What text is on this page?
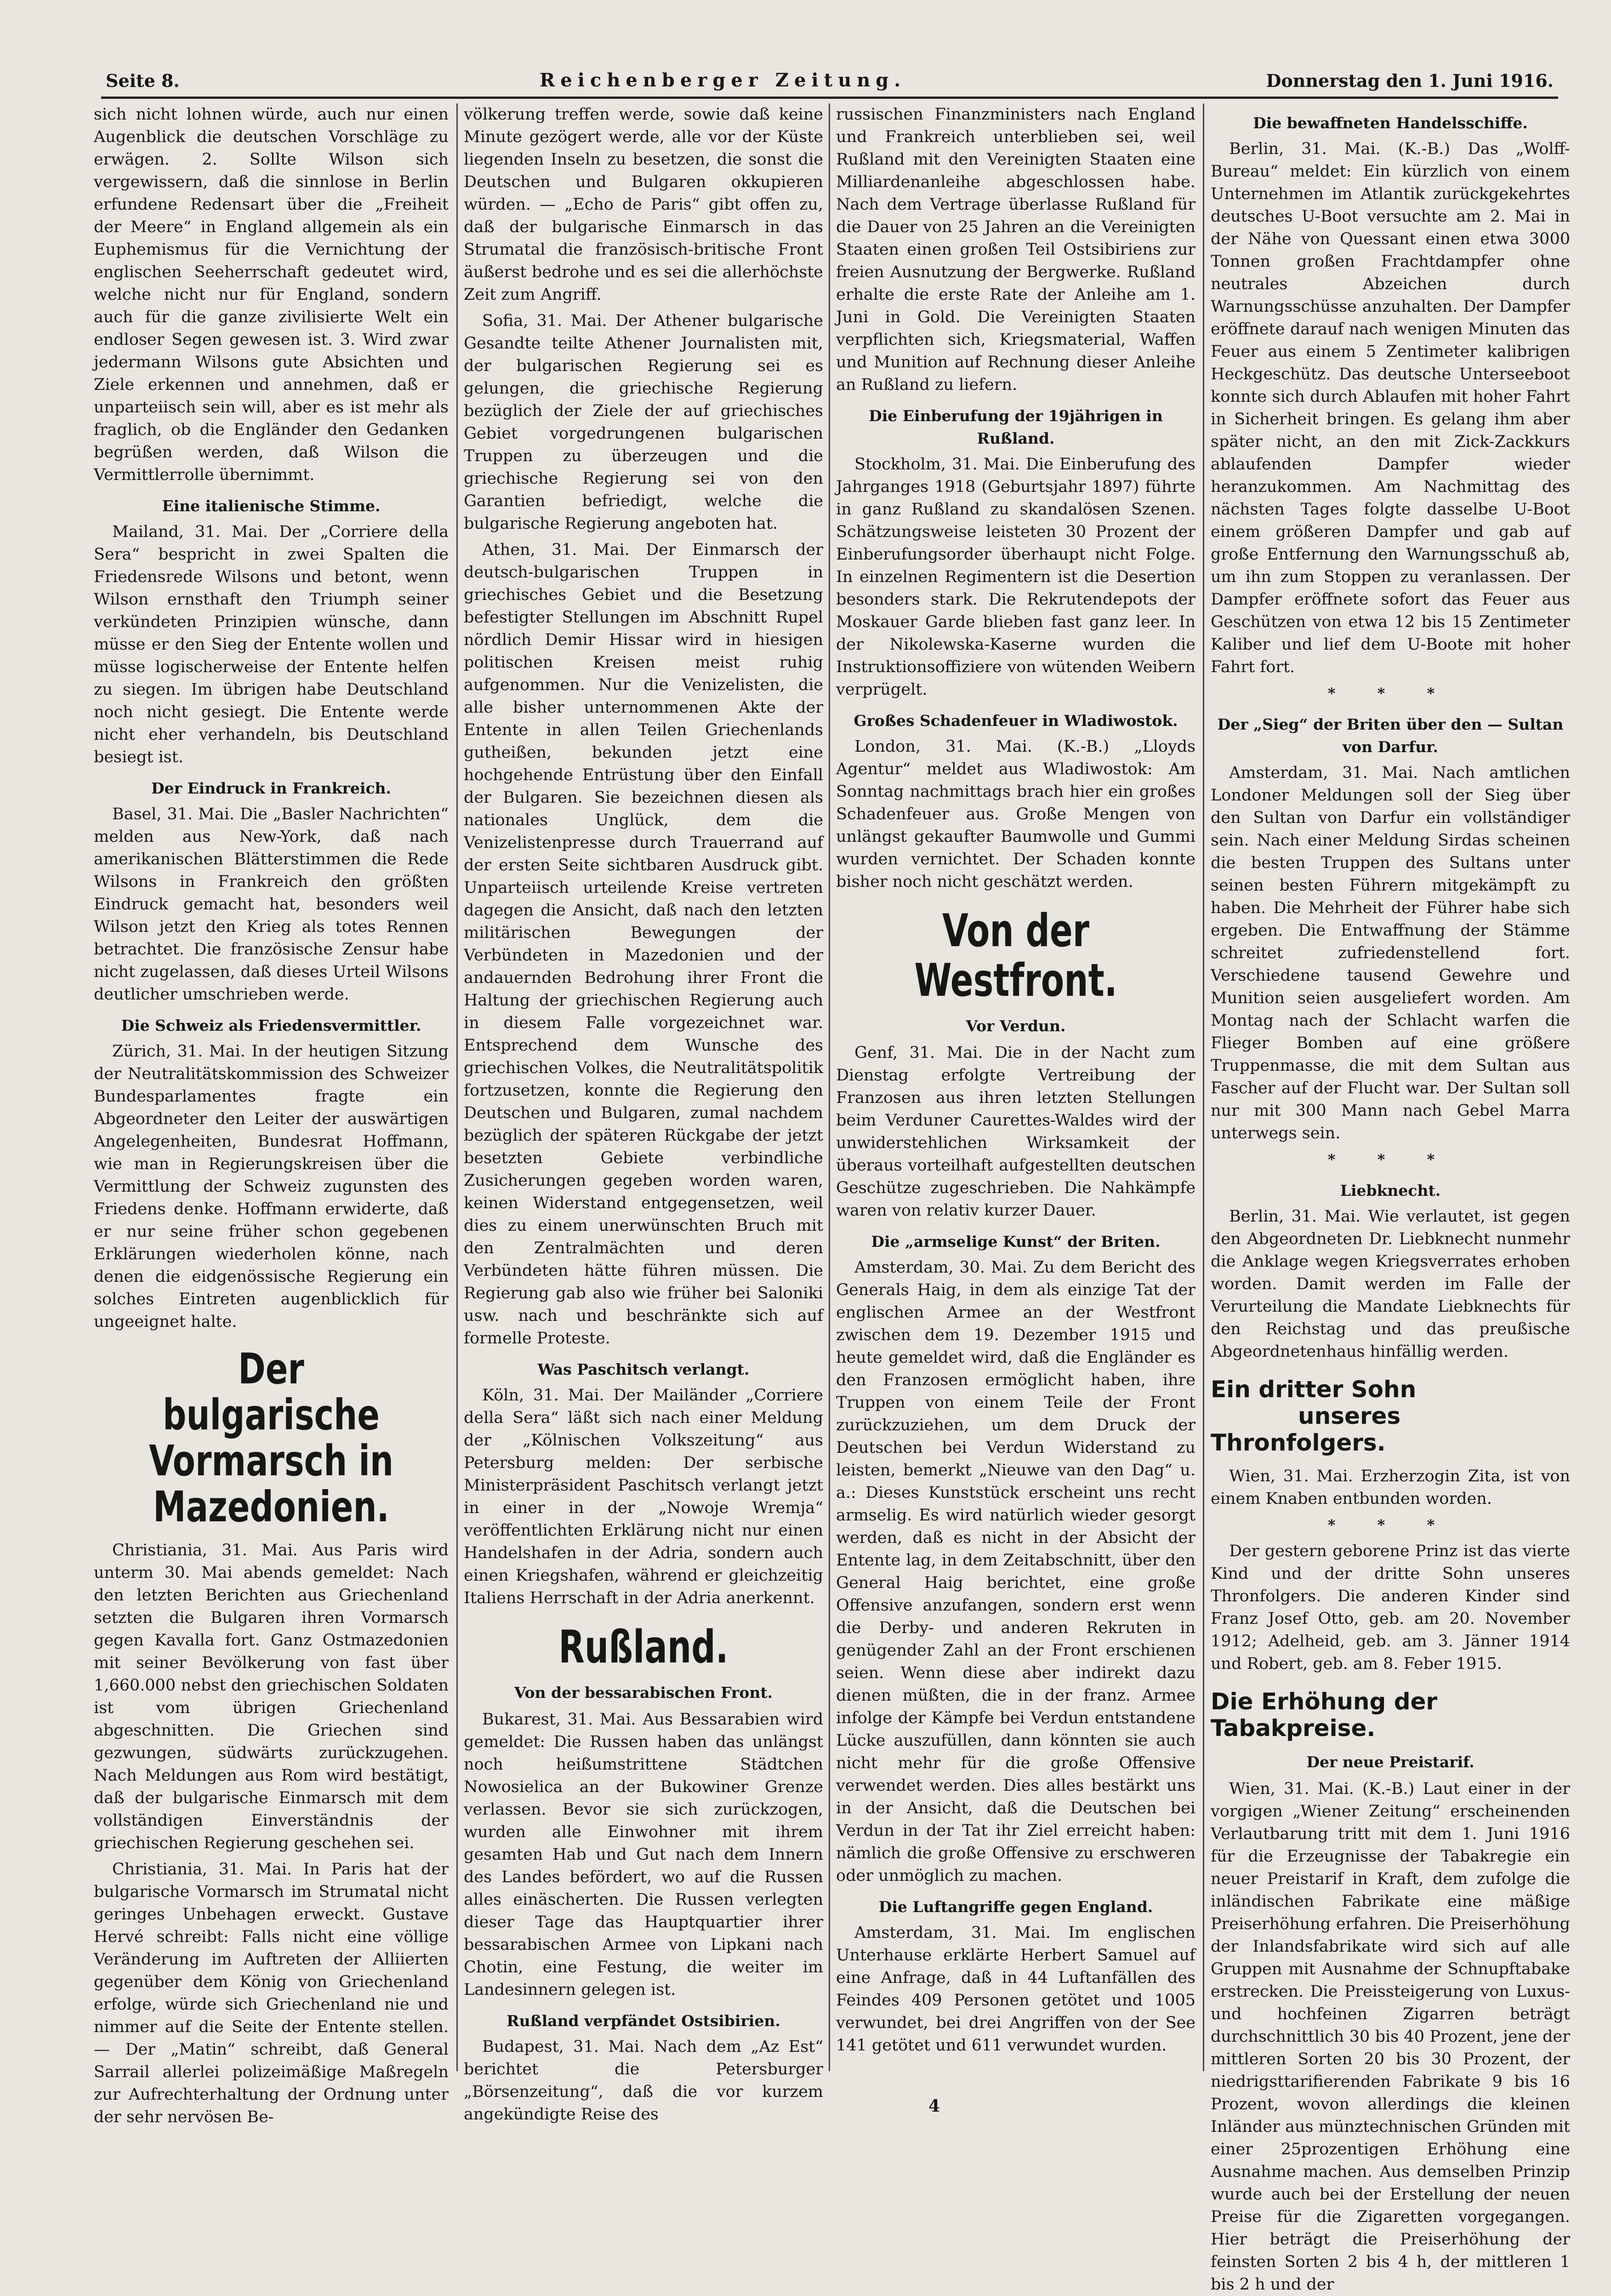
Seite 8.	Reichenberger Zeitung.	Donnerstag den 1. Juni 1916.

sich nicht lohnen würde, auch nur einen Augenblick die deutschen Vorschläge zu erwägen. 2. Sollte Wilson sich vergewissern, daß die sinnlose in Berlin erfundene Redensart über die „Freiheit der Meere“ in England allgemein als ein Euphemismus für die Vernichtung der englischen Seeherrschaft gedeutet wird, welche nicht nur für England, sondern auch für die ganze zivilisierte Welt ein endloser Segen gewesen ist. 3. Wird zwar jedermann Wilsons gute Absichten und Ziele erkennen und annehmen, daß er unparteiisch sein will, aber es ist mehr als fraglich, ob die Engländer den Gedanken begrüßen werden, daß Wilson die Vermittlerrolle übernimmt.

Eine italienische Stimme.

Mailand, 31. Mai. Der „Corriere della Sera“ bespricht in zwei Spalten die Friedensrede Wilsons und betont, wenn Wilson ernsthaft den Triumph seiner verkündeten Prinzipien wünsche, dann müsse er den Sieg der Entente wollen und müsse logischerweise der Entente helfen zu siegen. Im übrigen habe Deutschland noch nicht gesiegt. Die Entente werde nicht eher verhandeln, bis Deutschland besiegt ist.

Der Eindruck in Frankreich.

Basel, 31. Mai. Die „Basler Nachrichten“ melden aus New-York, daß nach amerikanischen Blätterstimmen die Rede Wilsons in Frankreich den größten Eindruck gemacht hat, besonders weil Wilson jetzt den Krieg als totes Rennen betrachtet. Die französische Zensur habe nicht zugelassen, daß dieses Urteil Wilsons deutlicher umschrieben werde.

Die Schweiz als Friedensvermittler.

Zürich, 31. Mai. In der heutigen Sitzung der Neutralitätskommission des Schweizer Bundesparlamentes fragte ein Abgeordneter den Leiter der auswärtigen Angelegenheiten, Bundesrat Hoffmann, wie man in Regierungskreisen über die Vermittlung der Schweiz zugunsten des Friedens denke. Hoffmann erwiderte, daß er nur seine früher schon gegebenen Erklärungen wiederholen könne, nach denen die eidgenössische Regierung ein solches Eintreten augenblicklich für ungeeignet halte.

Der bulgarische Vormarsch in Mazedonien.

Christiania, 31. Mai. Aus Paris wird unterm 30. Mai abends gemeldet: Nach den letzten Berichten aus Griechenland setzten die Bulgaren ihren Vormarsch gegen Kavalla fort. Ganz Ostmazedonien mit seiner Bevölkerung von fast über 1,660.000 nebst den griechischen Soldaten ist vom übrigen Griechenland abgeschnitten. Die Griechen sind gezwungen, südwärts zurückzugehen. Nach Meldungen aus Rom wird bestätigt, daß der bulgarische Einmarsch mit dem vollständigen Einverständnis der griechischen Regierung geschehen sei.

Christiania, 31. Mai. In Paris hat der bulgarische Vormarsch im Strumatal nicht geringes Unbehagen erweckt. Gustave Hervé schreibt: Falls nicht eine völlige Veränderung im Auftreten der Alliierten gegenüber dem König von Griechenland erfolge, würde sich Griechenland nie und nimmer auf die Seite der Entente stellen. — Der „Matin“ schreibt, daß General Sarrail allerlei polizeimäßige Maßregeln zur Aufrechterhaltung der Ordnung unter der sehr nervösen Be-

völkerung treffen werde, sowie daß keine Minute gezögert werde, alle vor der Küste liegenden Inseln zu besetzen, die sonst die Deutschen und Bulgaren okkupieren würden. — „Echo de Paris“ gibt offen zu, daß der bulgarische Einmarsch in das Strumatal die französisch-britische Front äußerst bedrohe und es sei die allerhöchste Zeit zum Angriff.

Sofia, 31. Mai. Der Athener bulgarische Gesandte teilte Athener Journalisten mit, der bulgarischen Regierung sei es gelungen, die griechische Regierung bezüglich der Ziele der auf griechisches Gebiet vorgedrungenen bulgarischen Truppen zu überzeugen und die griechische Regierung sei von den Garantien befriedigt, welche die bulgarische Regierung angeboten hat.

Athen, 31. Mai. Der Einmarsch der deutsch-bulgarischen Truppen in griechisches Gebiet und die Besetzung befestigter Stellungen im Abschnitt Rupel nördlich Demir Hissar wird in hiesigen politischen Kreisen meist ruhig aufgenommen. Nur die Venizelisten, die alle bisher unternommenen Akte der Entente in allen Teilen Griechenlands gutheißen, bekunden jetzt eine hochgehende Entrüstung über den Einfall der Bulgaren. Sie bezeichnen diesen als nationales Unglück, dem die Venizelistenpresse durch Trauerrand auf der ersten Seite sichtbaren Ausdruck gibt. Unparteiisch urteilende Kreise vertreten dagegen die Ansicht, daß nach den letzten militärischen Bewegungen der Verbündeten in Mazedonien und der andauernden Bedrohung ihrer Front die Haltung der griechischen Regierung auch in diesem Falle vorgezeichnet war. Entsprechend dem Wunsche des griechischen Volkes, die Neutralitätspolitik fortzusetzen, konnte die Regierung den Deutschen und Bulgaren, zumal nachdem bezüglich der späteren Rückgabe der jetzt besetzten Gebiete verbindliche Zusicherungen gegeben worden waren, keinen Widerstand entgegensetzen, weil dies zu einem unerwünschten Bruch mit den Zentralmächten und deren Verbündeten hätte führen müssen. Die Regierung gab also wie früher bei Saloniki usw. nach und beschränkte sich auf formelle Proteste.

Was Paschitsch verlangt.

Köln, 31. Mai. Der Mailänder „Corriere della Sera“ läßt sich nach einer Meldung der „Kölnischen Volkszeitung“ aus Petersburg melden: Der serbische Ministerpräsident Paschitsch verlangt jetzt in einer in der „Nowoje Wremja“ veröffentlichten Erklärung nicht nur einen Handelshafen in der Adria, sondern auch einen Kriegshafen, während er gleichzeitig Italiens Herrschaft in der Adria anerkennt.

Rußland.
Von der bessarabischen Front.

Bukarest, 31. Mai. Aus Bessarabien wird gemeldet: Die Russen haben das unlängst noch heißumstrittene Städtchen Nowosielica an der Bukowiner Grenze verlassen. Bevor sie sich zurückzogen, wurden alle Einwohner mit ihrem gesamten Hab und Gut nach dem Innern des Landes befördert, wo auf die Russen alles einäscherten. Die Russen verlegten dieser Tage das Hauptquartier ihrer bessarabischen Armee von Lipkani nach Chotin, eine Festung, die weiter im Landesinnern gelegen ist.

Rußland verpfändet Ostsibirien.

Budapest, 31. Mai. Nach dem „Az Est“ berichtet die Petersburger „Börsenzeitung“, daß die vor kurzem angekündigte Reise des

russischen Finanzministers nach England und Frankreich unterblieben sei, weil Rußland mit den Vereinigten Staaten eine Milliardenanleihe abgeschlossen habe. Nach dem Vertrage überlasse Rußland für die Dauer von 25 Jahren an die Vereinigten Staaten einen großen Teil Ostsibiriens zur freien Ausnutzung der Bergwerke. Rußland erhalte die erste Rate der Anleihe am 1. Juni in Gold. Die Vereinigten Staaten verpflichten sich, Kriegsmaterial, Waffen und Munition auf Rechnung dieser Anleihe an Rußland zu liefern.

Die Einberufung der 19jährigen in Rußland.

Stockholm, 31. Mai. Die Einberufung des Jahrganges 1918 (Geburtsjahr 1897) führte in ganz Rußland zu skandalösen Szenen. Schätzungsweise leisteten 30 Prozent der Einberufungsorder überhaupt nicht Folge. In einzelnen Regimentern ist die Desertion besonders stark. Die Rekrutendepots der Moskauer Garde blieben fast ganz leer. In der Nikolewska-Kaserne wurden die Instruktionsoffiziere von wütenden Weibern verprügelt.

Großes Schadenfeuer in Wladiwostok.

London, 31. Mai. (K.-B.) „Lloyds Agentur“ meldet aus Wladiwostok: Am Sonntag nachmittags brach hier ein großes Schadenfeuer aus. Große Mengen von unlängst gekaufter Baumwolle und Gummi wurden vernichtet. Der Schaden konnte bisher noch nicht geschätzt werden.

Von der Westfront.
Vor Verdun.

Genf, 31. Mai. Die in der Nacht zum Dienstag erfolgte Vertreibung der Franzosen aus ihren letzten Stellungen beim Verduner Caurettes-Waldes wird der unwiderstehlichen Wirksamkeit der überaus vorteilhaft aufgestellten deutschen Geschütze zugeschrieben. Die Nahkämpfe waren von relativ kurzer Dauer.

Die „armselige Kunst“ der Briten.

Amsterdam, 30. Mai. Zu dem Bericht des Generals Haig, in dem als einzige Tat der englischen Armee an der Westfront zwischen dem 19. Dezember 1915 und heute gemeldet wird, daß die Engländer es den Franzosen ermöglicht haben, ihre Truppen von einem Teile der Front zurückzuziehen, um dem Druck der Deutschen bei Verdun Widerstand zu leisten, bemerkt „Nieuwe van den Dag“ u. a.: Dieses Kunststück erscheint uns recht armselig. Es wird natürlich wieder gesorgt werden, daß es nicht in der Absicht der Entente lag, in dem Zeitabschnitt, über den General Haig berichtet, eine große Offensive anzufangen, sondern erst wenn die Derby- und anderen Rekruten in genügender Zahl an der Front erschienen seien. Wenn diese aber indirekt dazu dienen müßten, die in der franz. Armee infolge der Kämpfe bei Verdun entstandene Lücke auszufüllen, dann könnten sie auch nicht mehr für die große Offensive verwendet werden. Dies alles bestärkt uns in der Ansicht, daß die Deutschen bei Verdun in der Tat ihr Ziel erreicht haben: nämlich die große Offensive zu erschweren oder unmöglich zu machen.

Die Luftangriffe gegen England.

Amsterdam, 31. Mai. Im englischen Unterhause erklärte Herbert Samuel auf eine Anfrage, daß in 44 Luftanfällen des Feindes 409 Personen getötet und 1005 verwundet, bei drei Angriffen von der See 141 getötet und 611 verwundet wurden.

Die bewaffneten Handelsschiffe.

Berlin, 31. Mai. (K.-B.) Das „Wolff-Bureau“ meldet: Ein kürzlich von einem Unternehmen im Atlantik zurückgekehrtes deutsches U-Boot versuchte am 2. Mai in der Nähe von Quessant einen etwa 3000 Tonnen großen Frachtdampfer ohne neutrales Abzeichen durch Warnungsschüsse anzuhalten. Der Dampfer eröffnete darauf nach wenigen Minuten das Feuer aus einem 5 Zentimeter kalibrigen Heckgeschütz. Das deutsche Unterseeboot konnte sich durch Ablaufen mit hoher Fahrt in Sicherheit bringen. Es gelang ihm aber später nicht, an den mit Zick-Zackkurs ablaufenden Dampfer wieder heranzukommen. Am Nachmittag des nächsten Tages folgte dasselbe U-Boot einem größeren Dampfer und gab auf große Entfernung den Warnungsschuß ab, um ihn zum Stoppen zu veranlassen. Der Dampfer eröffnete sofort das Feuer aus Geschützen von etwa 12 bis 15 Zentimeter Kaliber und lief dem U-Boote mit hoher Fahrt fort.

* * *
Der „Sieg“ der Briten über den — Sultan von Darfur.

Amsterdam, 31. Mai. Nach amtlichen Londoner Meldungen soll der Sieg über den Sultan von Darfur ein vollständiger sein. Nach einer Meldung Sirdas scheinen die besten Truppen des Sultans unter seinen besten Führern mitgekämpft zu haben. Die Mehrheit der Führer habe sich ergeben. Die Entwaffnung der Stämme schreitet zufriedenstellend fort. Verschiedene tausend Gewehre und Munition seien ausgeliefert worden. Am Montag nach der Schlacht warfen die Flieger Bomben auf eine größere Truppenmasse, die mit dem Sultan aus Fascher auf der Flucht war. Der Sultan soll nur mit 300 Mann nach Gebel Marra unterwegs sein.

* * *
Liebknecht.

Berlin, 31. Mai. Wie verlautet, ist gegen den Abgeordneten Dr. Liebknecht nunmehr die Anklage wegen Kriegsverrates erhoben worden. Damit werden im Falle der Verurteilung die Mandate Liebknechts für den Reichstag und das preußische Abgeordnetenhaus hinfällig werden.

Ein dritter Sohn
unseres Thronfolgers.

Wien, 31. Mai. Erzherzogin Zita, ist von einem Knaben entbunden worden.

* * *

Der gestern geborene Prinz ist das vierte Kind und der dritte Sohn unseres Thronfolgers. Die anderen Kinder sind Franz Josef Otto, geb. am 20. November 1912; Adelheid, geb. am 3. Jänner 1914 und Robert, geb. am 8. Feber 1915.

Die Erhöhung der Tabakpreise.
Der neue Preistarif.

Wien, 31. Mai. (K.-B.) Laut einer in der vorgigen „Wiener Zeitung“ erscheinenden Verlautbarung tritt mit dem 1. Juni 1916 für die Erzeugnisse der Tabakregie ein neuer Preistarif in Kraft, dem zufolge die inländischen Fabrikate eine mäßige Preiserhöhung erfahren. Die Preiserhöhung der Inlandsfabrikate wird sich auf alle Gruppen mit Ausnahme der Schnupftabake erstrecken. Die Preissteigerung von Luxus- und hochfeinen Zigarren beträgt durchschnittlich 30 bis 40 Prozent, jene der mittleren Sorten 20 bis 30 Prozent, der niedrigsttarifierenden Fabrikate 9 bis 16 Prozent, wovon allerdings die kleinen Inländer aus münztechnischen Gründen mit einer 25prozentigen Erhöhung eine Ausnahme machen. Aus demselben Prinzip wurde auch bei der Erstellung der neuen Preise für die Zigaretten vorgegangen. Hier beträgt die Preiserhöhung der feinsten Sorten 2 bis 4 h, der mittleren 1 bis 2 h und der

4
